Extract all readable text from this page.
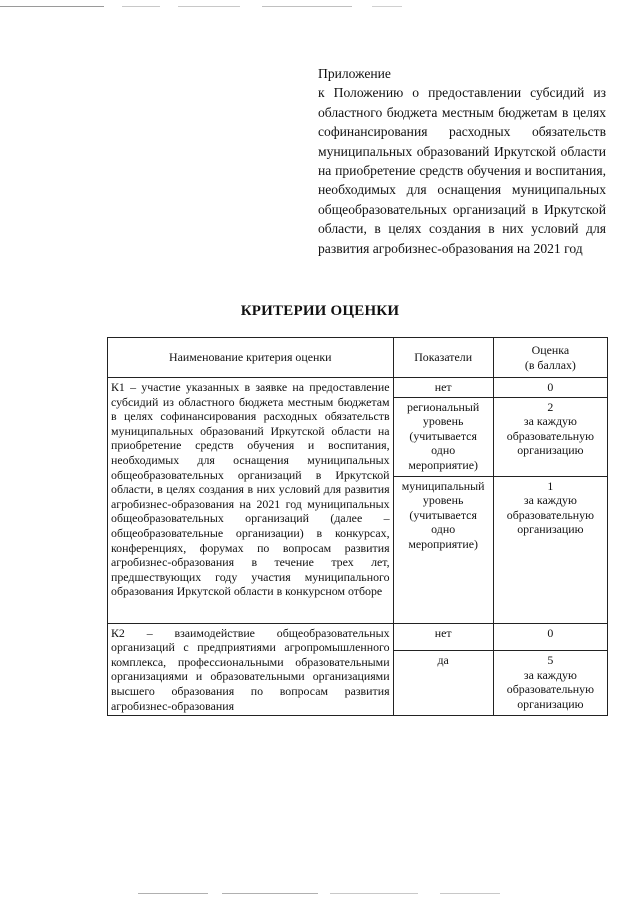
Приложение
к Положению о предоставлении субсидий из областного бюджета местным бюджетам в целях софинансирования расходных обязательств муниципальных образований Иркутской области на приобретение средств обучения и воспитания, необходимых для оснащения муниципальных общеобразовательных организаций в Иркутской области, в целях создания в них условий для развития агробизнес-образования на 2021 год
КРИТЕРИИ ОЦЕНКИ
Наименование критерия оценки	Показатели	Оценка
(в баллах)
К1 – участие указанных в заявке на предоставление субсидий из областного бюджета местным бюджетам в целях софинансирования расходных обязательств муниципальных образований Иркутской области на приобретение средств обучения и воспитания, необходимых для оснащения муниципальных общеобразовательных организаций в Иркутской области, в целях создания в них условий для развития агробизнес-образования на 2021 год муниципальных общеобразовательных организаций (далее – общеобразовательные организации) в конкурсах, конференциях, форумах по вопросам развития агробизнес-образования в течение трех лет, предшествующих году участия муниципального образования Иркутской области в конкурсном отборе	нет	0
	региональный уровень (учитывается одно мероприятие)	2
за каждую образовательную организацию
	муниципальный уровень (учитывается одно мероприятие)	1
за каждую образовательную организацию
К2 – взаимодействие общеобразовательных организаций с предприятиями агропромышленного комплекса, профессиональными образовательными организациями и образовательными организациями высшего образования по вопросам развития агробизнес-образования	нет	0
	да	5
за каждую образовательную организацию
